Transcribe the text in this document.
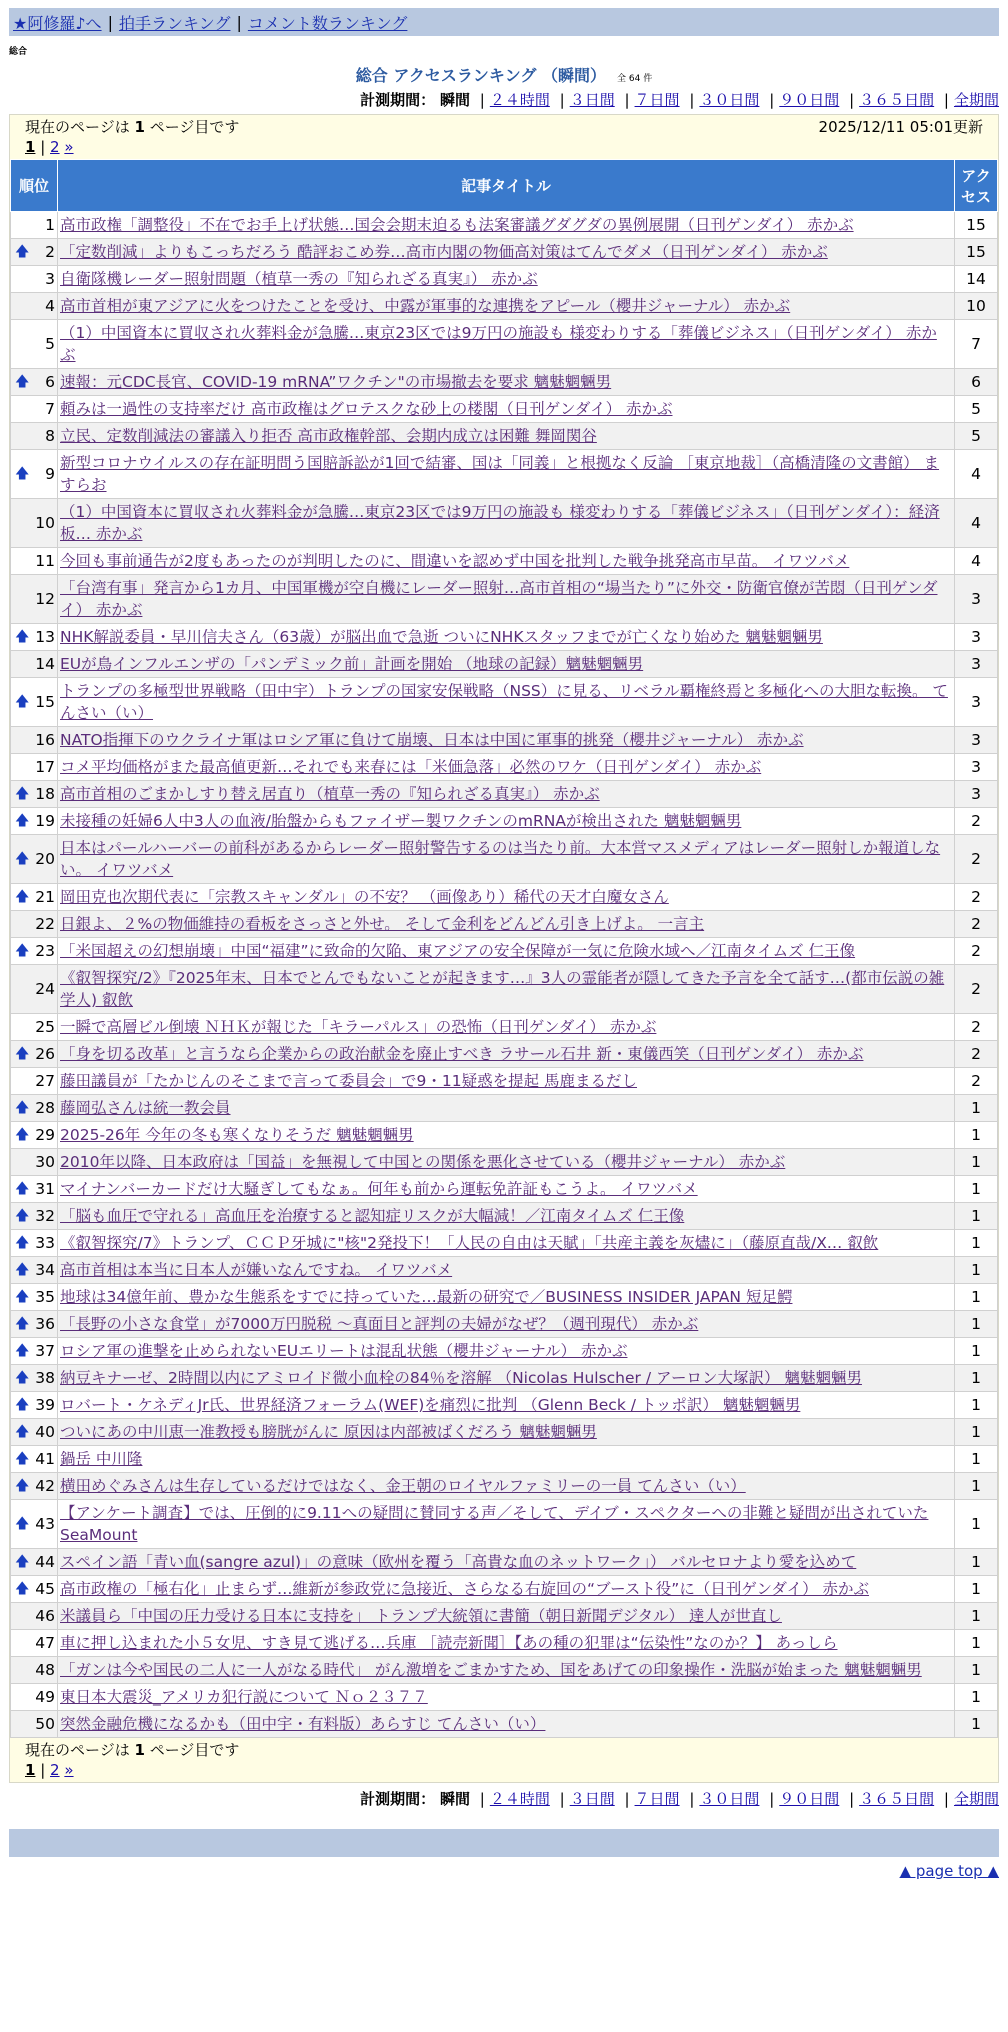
★阿修羅♪へ | 拍手ランキング | コメント数ランキング
総合
総合 アクセスランキング （瞬間） 全 64 件
計測期間： 瞬間 | ２４時間 | ３日間 | ７日間 | ３０日間 | ９０日間 | ３６５日間 | 全期間
現在のページは 1 ページ目です	2025/12/11 05:01更新
1 | 2 »
順位	記事タイトル	アクセス
1	高市政権「調整役」不在でお手上げ状態…国会会期末迫るも法案審議グダグダの異例展開（日刊ゲンダイ） 赤かぶ	15

🡅 2	「定数削減」よりもこっちだろう 酷評おこめ券…高市内閣の物価高対策はてんでダメ（日刊ゲンダイ） 赤かぶ	15
3	自衛隊機レーダー照射問題（植草一秀の『知られざる真実』） 赤かぶ	14
4	高市首相が東アジアに火をつけたことを受け、中露が軍事的な連携をアピール（櫻井ジャーナル） 赤かぶ	10
5	（1）中国資本に買収され火葬料金が急騰…東京23区では9万円の施設も 様変わりする「葬儀ビジネス」（日刊ゲンダイ） 赤かぶ	7

🡅 6	速報：元CDC長官、COVID-19 mRNA”ワクチン"の市場撤去を要求 魑魅魍魎男	6
7	頼みは一過性の支持率だけ 高市政権はグロテスクな砂上の楼閣（日刊ゲンダイ） 赤かぶ	5
8	立民、定数削減法の審議入り拒否 高市政権幹部、会期内成立は困難 舞岡関谷	5

🡅 9	新型コロナウイルスの存在証明問う国賠訴訟が1回で結審、国は「同義」と根拠なく反論 ［東京地裁］（高橋清隆の文書館） ますらお	4
10	（1）中国資本に買収され火葬料金が急騰…東京23区では9万円の施設も 様変わりする「葬儀ビジネス」（日刊ゲンダイ）：経済板… 赤かぶ	4
11	今回も事前通告が2度もあったのが判明したのに、間違いを認めず中国を批判した戦争挑発高市早苗。 イワツバメ	4
12	「台湾有事」発言から1カ月、中国軍機が空自機にレーダー照射…高市首相の“場当たり”に外交・防衛官僚が苦悶（日刊ゲンダイ） 赤かぶ	3

🡅 13	NHK解説委員・早川信夫さん（63歳）が脳出血で急逝 ついにNHKスタッフまでが亡くなり始めた 魑魅魍魎男	3
14	EUが鳥インフルエンザの「パンデミック前」計画を開始 （地球の記録）魑魅魍魎男	3

🡅 15	トランプの多極型世界戦略（田中宇）トランプの国家安保戦略（NSS）に見る、リベラル覇権終焉と多極化への大胆な転換。 てんさい（い）	3
16	NATO指揮下のウクライナ軍はロシア軍に負けて崩壊、日本は中国に軍事的挑発（櫻井ジャーナル） 赤かぶ	3
17	コメ平均価格がまた最高値更新…それでも来春には「米価急落」必然のワケ（日刊ゲンダイ） 赤かぶ	3

🡅 18	高市首相のごまかしすり替え居直り（植草一秀の『知られざる真実』） 赤かぶ	3

🡅 19	未接種の妊婦6人中3人の血液/胎盤からもファイザー製ワクチンのmRNAが検出された 魑魅魍魎男	2

🡅 20	日本はパールハーバーの前科があるからレーダー照射警告するのは当たり前。大本営マスメディアはレーダー照射しか報道しない。 イワツバメ	2

🡅 21	岡田克也次期代表に「宗教スキャンダル」の不安？ （画像あり）稀代の天才白魔女さん	2
22	日銀よ、２%の物価維持の看板をさっさと外せ。 そして金利をどんどん引き上げよ。 一言主	2

🡅 23	「米国超えの幻想崩壊」中国“福建”に致命的欠陥、東アジアの安全保障が一気に危険水域へ／江南タイムズ 仁王像	2
24	《叡智探究/2》『2025年末、日本でとんでもないことが起きます…』3人の霊能者が隠してきた予言を全て話す…(都市伝説の雑学人) 叡飲	2
25	一瞬で高層ビル倒壊 ＮＨＫが報じた「キラーパルス」の恐怖（日刊ゲンダイ） 赤かぶ	2

🡅 26	「身を切る改革」と言うなら企業からの政治献金を廃止すべき ラサール石井 新・東儀西笑（日刊ゲンダイ） 赤かぶ	2
27	藤田議員が「たかじんのそこまで言って委員会」で9・11疑惑を提起 馬鹿まるだし	2

🡅 28	藤岡弘さんは統一教会員	1

🡅 29	2025-26年 今年の冬も寒くなりそうだ 魑魅魍魎男	1
30	2010年以降、日本政府は「国益」を無視して中国との関係を悪化させている（櫻井ジャーナル） 赤かぶ	1

🡅 31	マイナンバーカードだけ大騒ぎしてもなぁ。何年も前から運転免許証もこうよ。 イワツバメ	1

🡅 32	「脳も血圧で守れる」高血圧を治療すると認知症リスクが大幅減！／江南タイムズ 仁王像	1

🡅 33	《叡智探究/7》トランプ、ＣＣＰ牙城に"核"2発投下！「人民の自由は天賦」「共産主義を灰燼に」（藤原直哉/X… 叡飲	1

🡅 34	高市首相は本当に日本人が嫌いなんですね。 イワツバメ	1

🡅 35	地球は34億年前、豊かな生態系をすでに持っていた…最新の研究で／BUSINESS INSIDER JAPAN 短足鰐	1

🡅 36	「長野の小さな食堂」が7000万円脱税 〜真面目と評判の夫婦がなぜ？（週刊現代） 赤かぶ	1

🡅 37	ロシア軍の進撃を止められないEUエリートは混乱状態（櫻井ジャーナル） 赤かぶ	1

🡅 38	納豆キナーゼ、2時間以内にアミロイド微小血栓の84％を溶解 （Nicolas Hulscher / アーロン大塚訳） 魑魅魍魎男	1

🡅 39	ロバート・ケネディJr氏、世界経済フォーラム(WEF)を痛烈に批判 （Glenn Beck / トッポ訳） 魑魅魍魎男	1

🡅 40	ついにあの中川恵一准教授も膀胱がんに 原因は内部被ばくだろう 魑魅魍魎男	1

🡅 41	鍋岳 中川隆	1

🡅 42	横田めぐみさんは生存しているだけではなく、金王朝のロイヤルファミリーの一員 てんさい（い）	1

🡅 43	【アンケート調査】では、圧倒的に9.11への疑問に賛同する声／そして、デイブ・スペクターへの非難と疑問が出されていた SeaMount	1

🡅 44	スペイン語「青い血(sangre azul)」の意味（欧州を覆う「高貴な血のネットワーク」） バルセロナより愛を込めて	1

🡅 45	高市政権の「極右化」止まらず…維新が参政党に急接近、さらなる右旋回の“ブースト役”に（日刊ゲンダイ） 赤かぶ	1
46	米議員ら「中国の圧力受ける日本に支持を」 トランプ大統領に書簡（朝日新聞デジタル） 達人が世直し	1
47	車に押し込まれた小５女児、すき見て逃げる…兵庫 ［読売新聞］【あの種の犯罪は“伝染性”なのか？】 あっしら	1
48	「ガンは今や国民の二人に一人がなる時代」 がん激増をごまかすため、国をあげての印象操作・洗脳が始まった 魑魅魍魎男	1
49	東日本大震災_アメリカ犯行説について Ｎｏ２３７７	1
50	突然金融危機になるかも（田中宇・有料版）あらすじ てんさい（い）	1
現在のページは 1 ページ目です
1 | 2 »
計測期間： 瞬間 | ２４時間 | ３日間 | ７日間 | ３０日間 | ９０日間 | ３６５日間 | 全期間
▲ page top ▲
